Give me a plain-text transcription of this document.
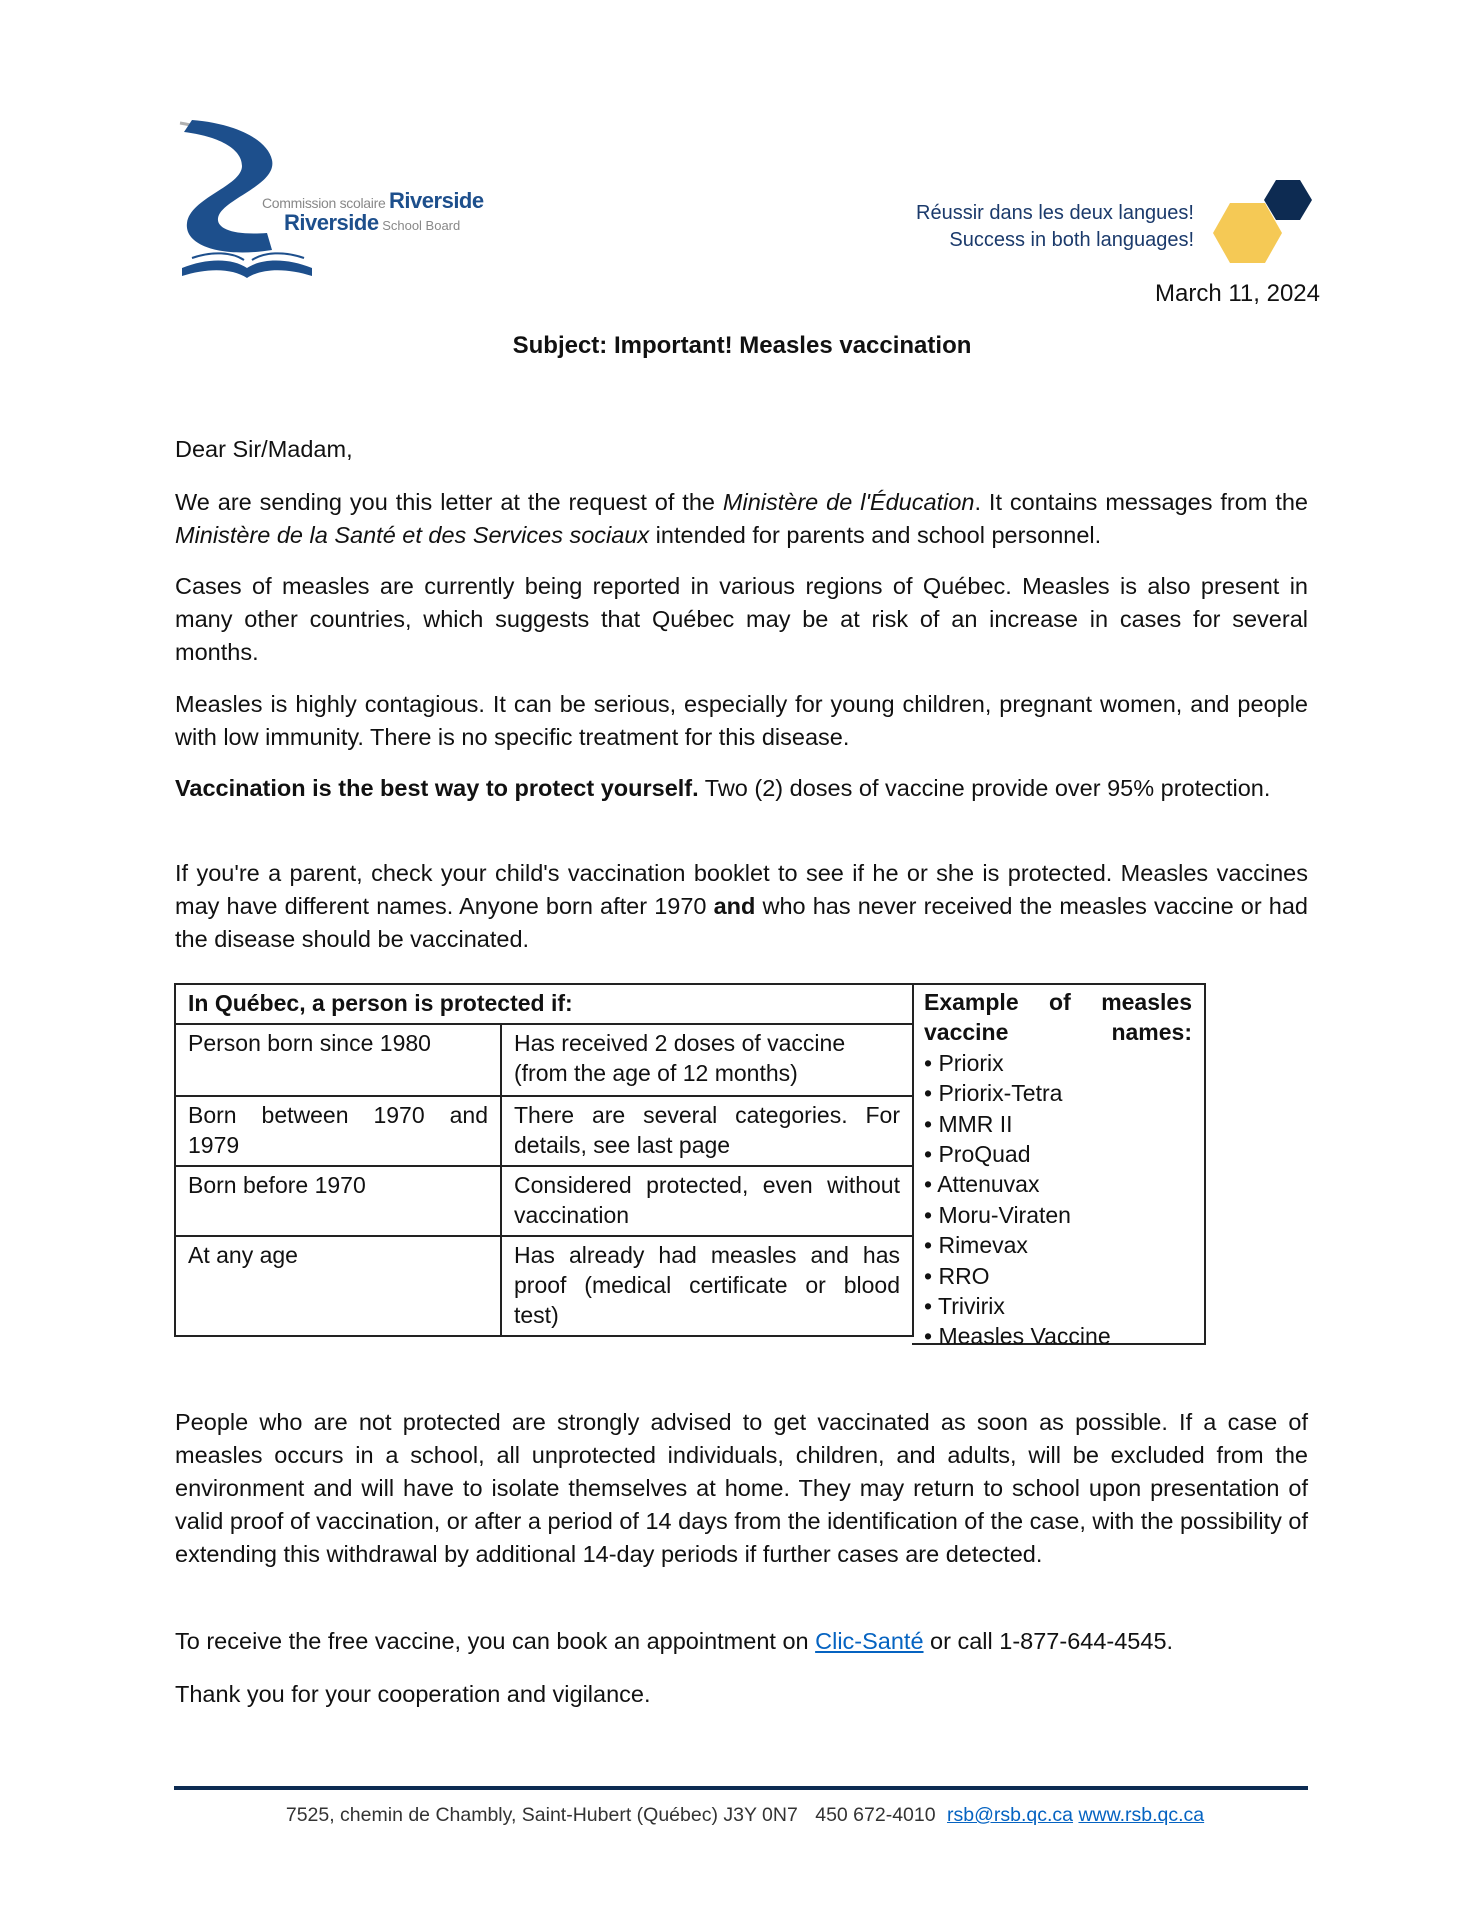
Commission scolaire Riverside
Riverside School Board
Réussir dans les deux langues!
Success in both languages!
March 11, 2024
Subject: Important! Measles vaccination
Dear Sir/Madam,

We are sending you this letter at the request of the Ministère de l'Éducation. It contains messages from the Ministère de la Santé et des Services sociaux intended for parents and school personnel.

Cases of measles are currently being reported in various regions of Québec. Measles is also present in many other countries, which suggests that Québec may be at risk of an increase in cases for several months.

Measles is highly contagious. It can be serious, especially for young children, pregnant women, and people with low immunity. There is no specific treatment for this disease.

Vaccination is the best way to protect yourself. Two (2) doses of vaccine provide over 95% protection.

If you're a parent, check your child's vaccination booklet to see if he or she is protected. Measles vaccines may have different names. Anyone born after 1970 and who has never received the measles vaccine or had the disease should be vaccinated.

In Québec, a person is protected if:	
Person born since 1980	Has received 2 doses of vaccine (from the age of 12 months)
Born between 1970 and 1979	There are several categories. For details, see last page
Born before 1970	Considered protected, even without vaccination
At any age	Has already had measles and has proof (medical certificate or blood test)
Example of measles vaccine names:
• Priorix
• Priorix-Tetra
• MMR II
• ProQuad
• Attenuvax
• Moru-Viraten
• Rimevax
• RRO
• Trivirix
• Measles Vaccine

People who are not protected are strongly advised to get vaccinated as soon as possible. If a case of measles occurs in a school, all unprotected individuals, children, and adults, will be excluded from the environment and will have to isolate themselves at home. They may return to school upon presentation of valid proof of vaccination, or after a period of 14 days from the identification of the case, with the possibility of extending this withdrawal by additional 14-day periods if further cases are detected.

To receive the free vaccine, you can book an appointment on Clic-Santé or call 1-877-644-4545.

Thank you for your cooperation and vigilance.

7525, chemin de Chambly, Saint-Hubert (Québec) J3Y 0N7 450 672-4010 rsb@rsb.qc.ca www.rsb.qc.ca
